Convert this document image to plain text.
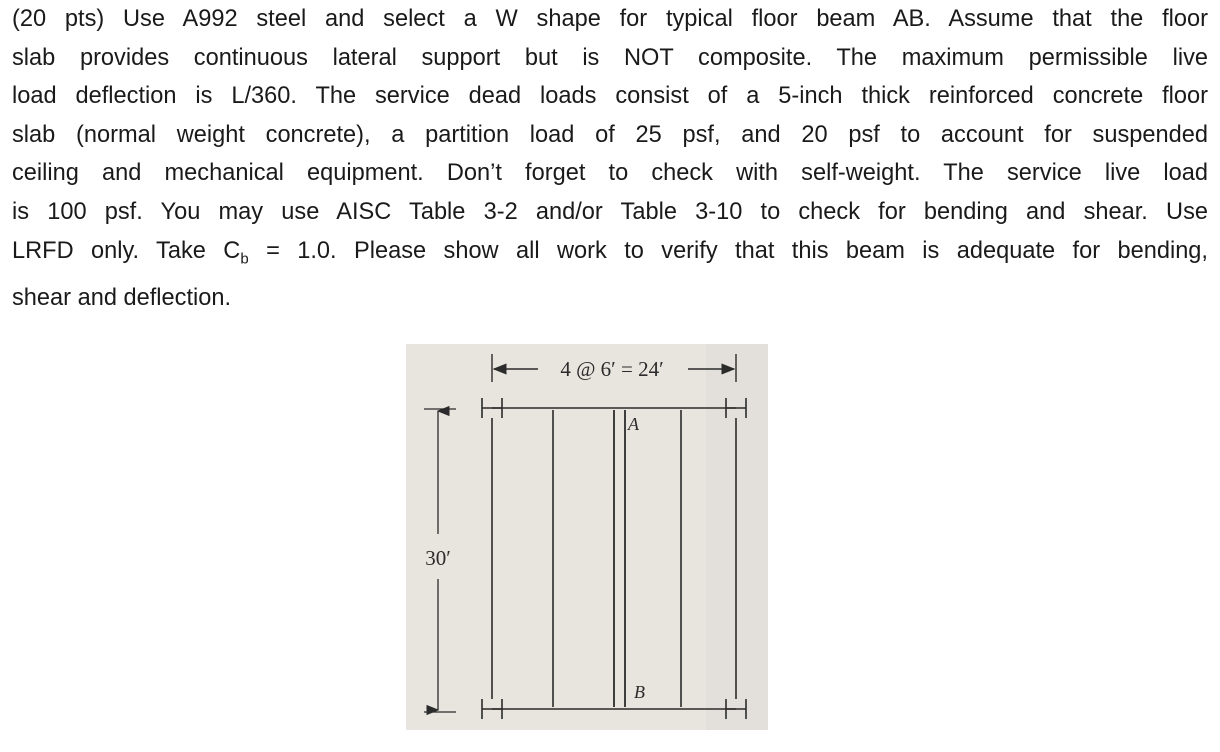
(20 pts) Use A992 steel and select a W shape for typical floor beam AB. Assume that the floor
slab provides continuous lateral support but is NOT composite. The maximum permissible live
load deflection is L/360. The service dead loads consist of a 5-inch thick reinforced concrete floor
slab (normal weight concrete), a partition load of 25 psf, and 20 psf to account for suspended
ceiling and mechanical equipment. Don’t forget to check with self-weight. The service live load
is 100 psf. You may use AISC Table 3-2 and/or Table 3-10 to check for bending and shear. Use
LRFD only. Take $C_b = 1.0$. Please show all work to verify that this beam is adequate for bending,
shear and deflection.
4 @ 6′ = 24′
30′
A
B
